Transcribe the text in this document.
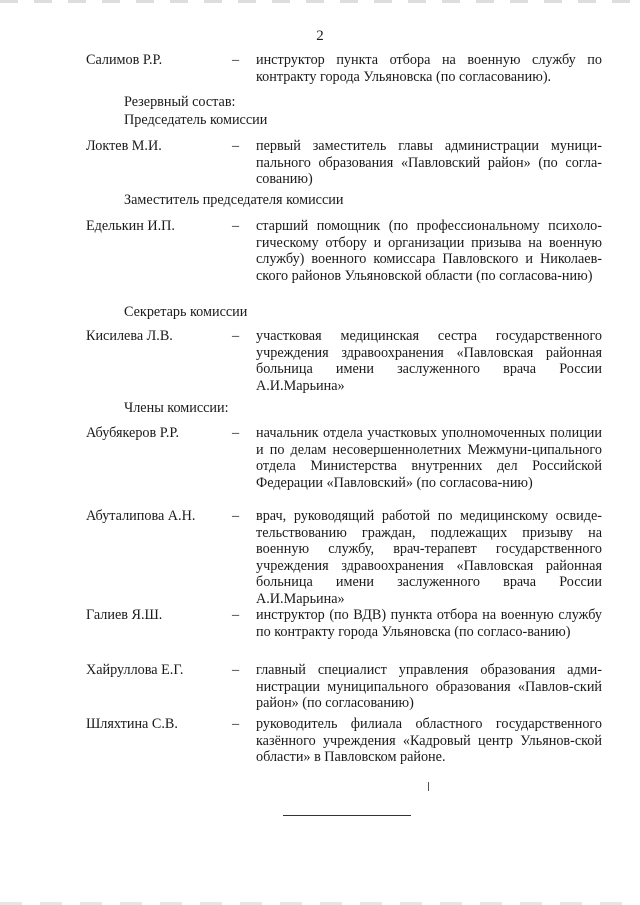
2
Салимов Р.Р.	– инструктор пункта отбора на военную службу по контракту города Ульяновска (по согласованию).
Резервный состав:
Председатель комиссии
Локтев М.И.	– первый заместитель главы администрации муници-пального образования «Павловский район» (по согла-сованию)
Заместитель председателя комиссии
Еделькин И.П.	– старший помощник (по профессиональному психоло-гическому отбору и организации призыва на военную службу) военного комиссара Павловского и Николаев-ского районов Ульяновской области (по согласова-нию)
Секретарь комиссии
Кисилева Л.В.	– участковая медицинская сестра государственного учреждения здравоохранения «Павловская районная больница имени заслуженного врача России А.И.Марьина»
Члены комиссии:
Абубякеров Р.Р.	– начальник отдела участковых уполномоченных полиции и по делам несовершеннолетних Межмуни-ципального отдела Министерства внутренних дел Российской Федерации «Павловский» (по согласова-нию)
Абуталипова А.Н.	– врач, руководящий работой по медицинскому освиде-тельствованию граждан, подлежащих призыву на военную службу, врач-терапевт государственного учреждения здравоохранения «Павловская районная больница имени заслуженного врача России А.И.Марьина»
Галиев Я.Ш.	– инструктор (по ВДВ) пункта отбора на военную службу по контракту города Ульяновска (по согласо-ванию)
Хайруллова Е.Г.	– главный специалист управления образования адми-нистрации муниципального образования «Павлов-ский район» (по согласованию)
Шляхтина С.В.	– руководитель филиала областного государственного казённого учреждения «Кадровый центр Ульянов-ской области» в Павловском районе.
